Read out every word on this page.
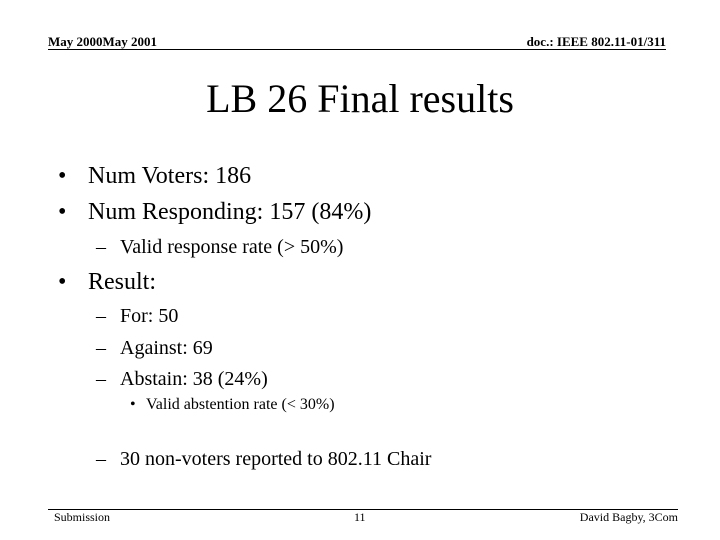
May 2000May 2001	doc.: IEEE 802.11-01/311
LB 26 Final results
• Num Voters: 186
• Num Responding: 157 (84%)
– Valid response rate (> 50%)
• Result:
– For: 50
– Against: 69
– Abstain: 38 (24%)
• Valid abstention rate (< 30%)
– 30 non-voters reported to 802.11 Chair
Submission	11	David Bagby, 3Com
